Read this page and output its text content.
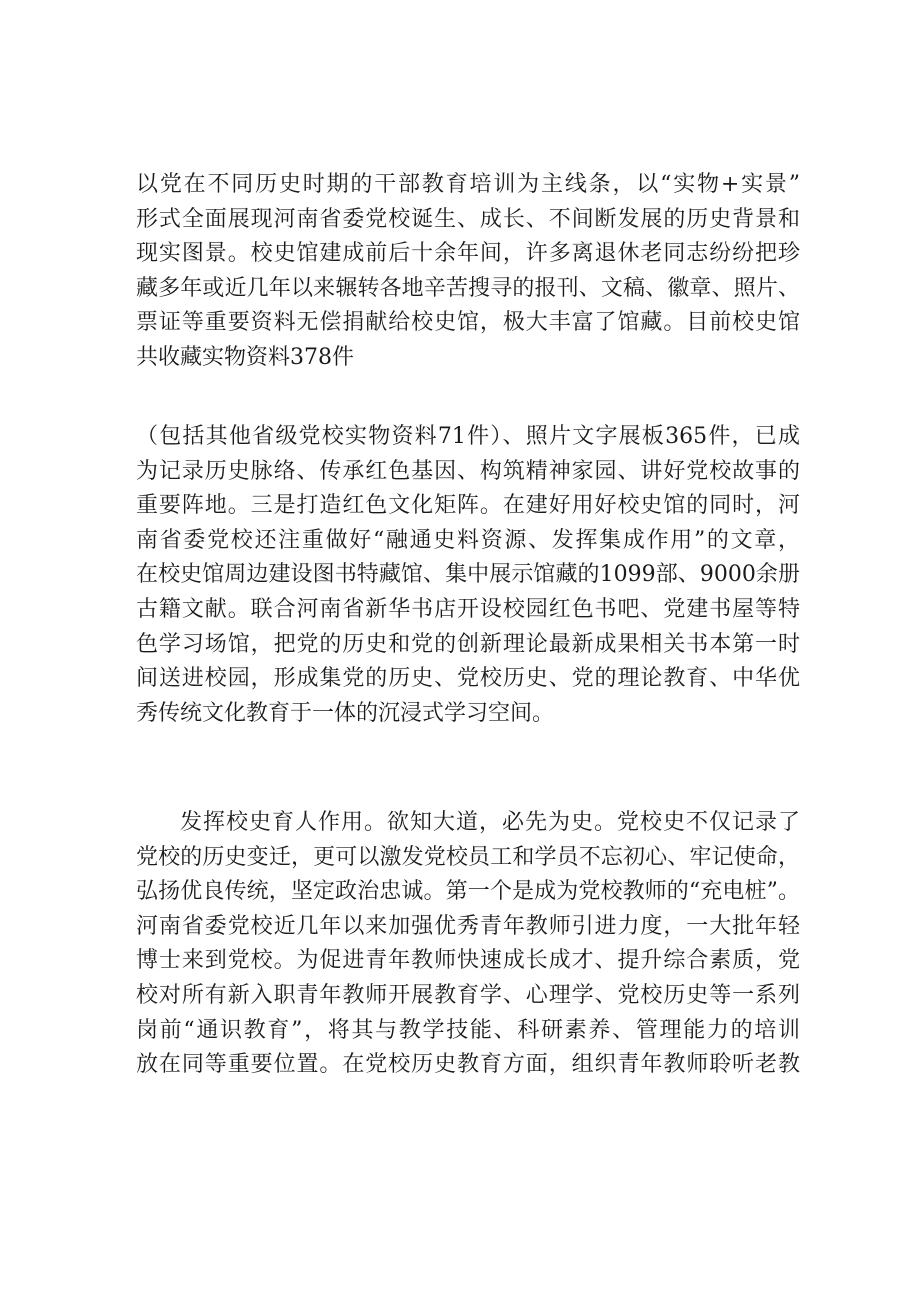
以党在不同历史时期的干部教育培训为主线条，以“实物+实景”
形式全面展现河南省委党校诞生、成长、不间断发展的历史背景和
现实图景。校史馆建成前后十余年间，许多离退休老同志纷纷把珍
藏多年或近几年以来辗转各地辛苦搜寻的报刊、文稿、徽章、照片、
票证等重要资料无偿捐献给校史馆，极大丰富了馆藏。目前校史馆
共收藏实物资料378件

（包括其他省级党校实物资料71件）、照片文字展板365件，已成
为记录历史脉络、传承红色基因、构筑精神家园、讲好党校故事的
重要阵地。三是打造红色文化矩阵。在建好用好校史馆的同时，河
南省委党校还注重做好“融通史料资源、发挥集成作用”的文章，
在校史馆周边建设图书特藏馆、集中展示馆藏的1099部、9000余册
古籍文献。联合河南省新华书店开设校园红色书吧、党建书屋等特
色学习场馆，把党的历史和党的创新理论最新成果相关书本第一时
间送进校园，形成集党的历史、党校历史、党的理论教育、中华优
秀传统文化教育于一体的沉浸式学习空间。

发挥校史育人作用。欲知大道，必先为史。党校史不仅记录了
党校的历史变迁，更可以激发党校员工和学员不忘初心、牢记使命，
弘扬优良传统，坚定政治忠诚。第一个是成为党校教师的“充电桩”。
河南省委党校近几年以来加强优秀青年教师引进力度，一大批年轻
博士来到党校。为促进青年教师快速成长成才、提升综合素质，党
校对所有新入职青年教师开展教育学、心理学、党校历史等一系列
岗前“通识教育”，将其与教学技能、科研素养、管理能力的培训
放在同等重要位置。在党校历史教育方面，组织青年教师聆听老教
